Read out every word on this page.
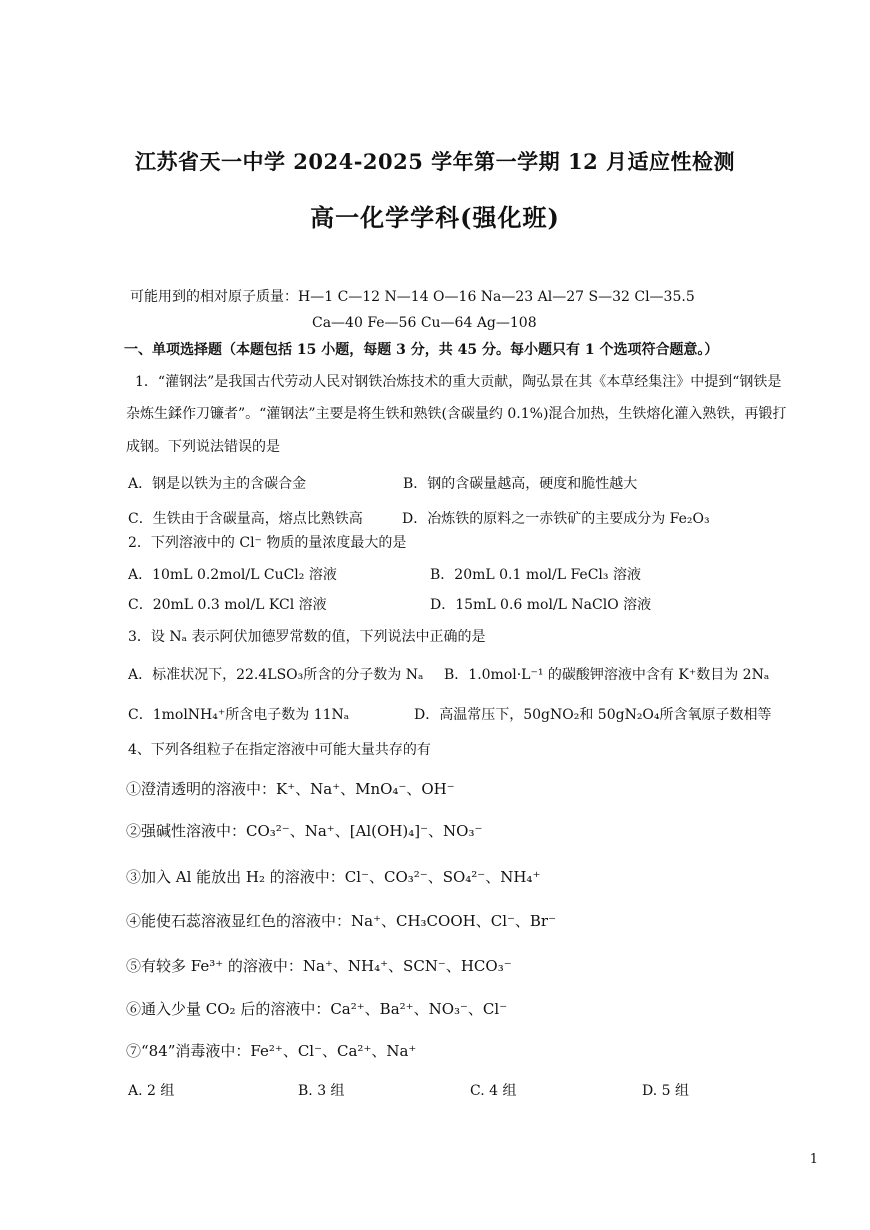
江苏省天一中学 2024-2025 学年第一学期 12 月适应性检测
高一化学学科(强化班)
可能用到的相对原子质量：H—1 C—12 N—14 O—16 Na—23 Al—27 S—32 Cl—35.5
Ca—40 Fe—56 Cu—64 Ag—108
一、单项选择题（本题包括 15 小题，每题 3 分，共 45 分。每小题只有 1 个选项符合题意。）
1．“灌钢法”是我国古代劳动人民对钢铁冶炼技术的重大贡献，陶弘景在其《本草经集注》中提到“钢铁是
杂炼生鍒作刀镰者”。“灌钢法”主要是将生铁和熟铁(含碳量约 0.1%)混合加热，生铁熔化灌入熟铁，再锻打
成钢。下列说法错误的是
A．钢是以铁为主的含碳合金	B．钢的含碳量越高，硬度和脆性越大
C．生铁由于含碳量高，熔点比熟铁高	D．冶炼铁的原料之一赤铁矿的主要成分为 Fe₂O₃
2．下列溶液中的 Cl⁻ 物质的量浓度最大的是
A．10mL 0.2mol/L CuCl₂ 溶液	B．20mL 0.1 mol/L FeCl₃ 溶液
C．20mL 0.3 mol/L KCl 溶液	D．15mL 0.6 mol/L NaClO 溶液
3．设 Nₐ 表示阿伏加德罗常数的值，下列说法中正确的是
A．标准状况下，22.4LSO₃所含的分子数为 Nₐ B．1.0mol·L⁻¹ 的碳酸钾溶液中含有 K⁺数目为 2Nₐ
C．1molNH₄⁺所含电子数为 11Nₐ	D．高温常压下，50gNO₂和 50gN₂O₄所含氧原子数相等
4、下列各组粒子在指定溶液中可能大量共存的有
①澄清透明的溶液中：K⁺、Na⁺、MnO₄⁻、OH⁻
②强碱性溶液中：CO₃²⁻、Na⁺、[Al(OH)₄]⁻、NO₃⁻
③加入 Al 能放出 H₂ 的溶液中：Cl⁻、CO₃²⁻、SO₄²⁻、NH₄⁺
④能使石蕊溶液显红色的溶液中：Na⁺、CH₃COOH、Cl⁻、Br⁻
⑤有较多 Fe³⁺ 的溶液中：Na⁺、NH₄⁺、SCN⁻、HCO₃⁻
⑥通入少量 CO₂ 后的溶液中：Ca²⁺、Ba²⁺、NO₃⁻、Cl⁻
⑦“84”消毒液中：Fe²⁺、Cl⁻、Ca²⁺、Na⁺
A. 2 组	B. 3 组	C. 4 组	D. 5 组
1
